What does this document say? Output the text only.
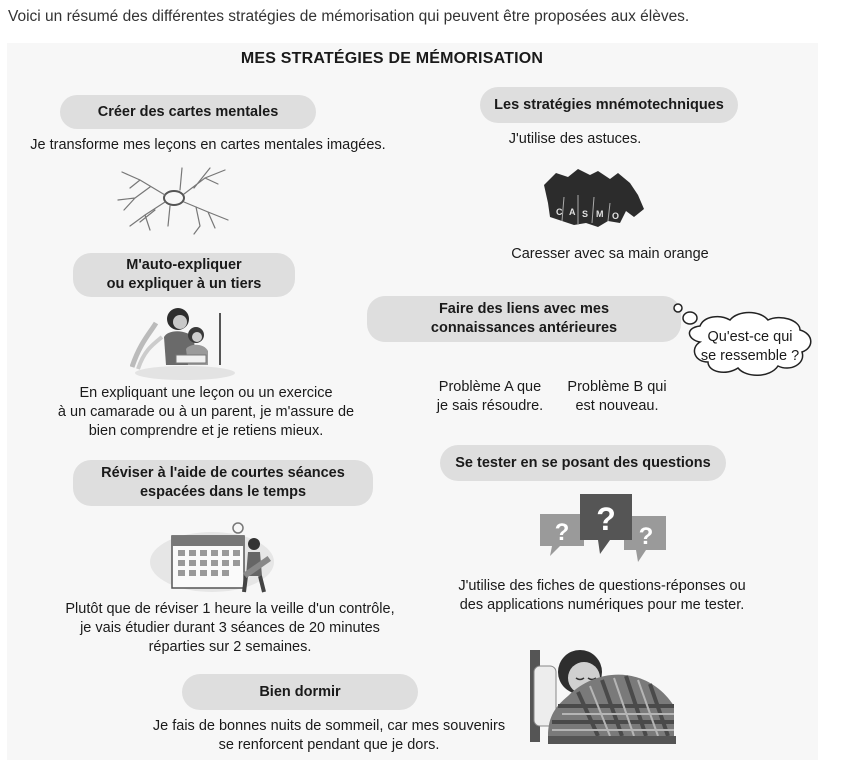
Voici un résumé des différentes stratégies de mémorisation qui peuvent être proposées aux élèves.
MES STRATÉGIES DE MÉMORISATION
Créer des cartes mentales
Je transforme mes leçons en cartes mentales imagées.
M'auto-expliquer
ou expliquer à un tiers
En expliquant une leçon ou un exercice
à un camarade ou à un parent, je m'assure de
bien comprendre et je retiens mieux.
Réviser à l'aide de courtes séances
espacées dans le temps
Plutôt que de réviser 1 heure la veille d'un contrôle,
je vais étudier durant 3 séances de 20 minutes
réparties sur 2 semaines.
Bien dormir
Je fais de bonnes nuits de sommeil, car mes souvenirs
se renforcent pendant que je dors.
Les stratégies mnémotechniques
J'utilise des astuces.
C A S M O
Caresser avec sa main orange
Faire des liens avec mes
connaissances antérieures
Qu'est-ce qui
se ressemble ?
Problème A que
je sais résoudre.
Problème B qui
est nouveau.
Se tester en se posant des questions
? ? ?
J'utilise des fiches de questions-réponses ou
des applications numériques pour me tester.
